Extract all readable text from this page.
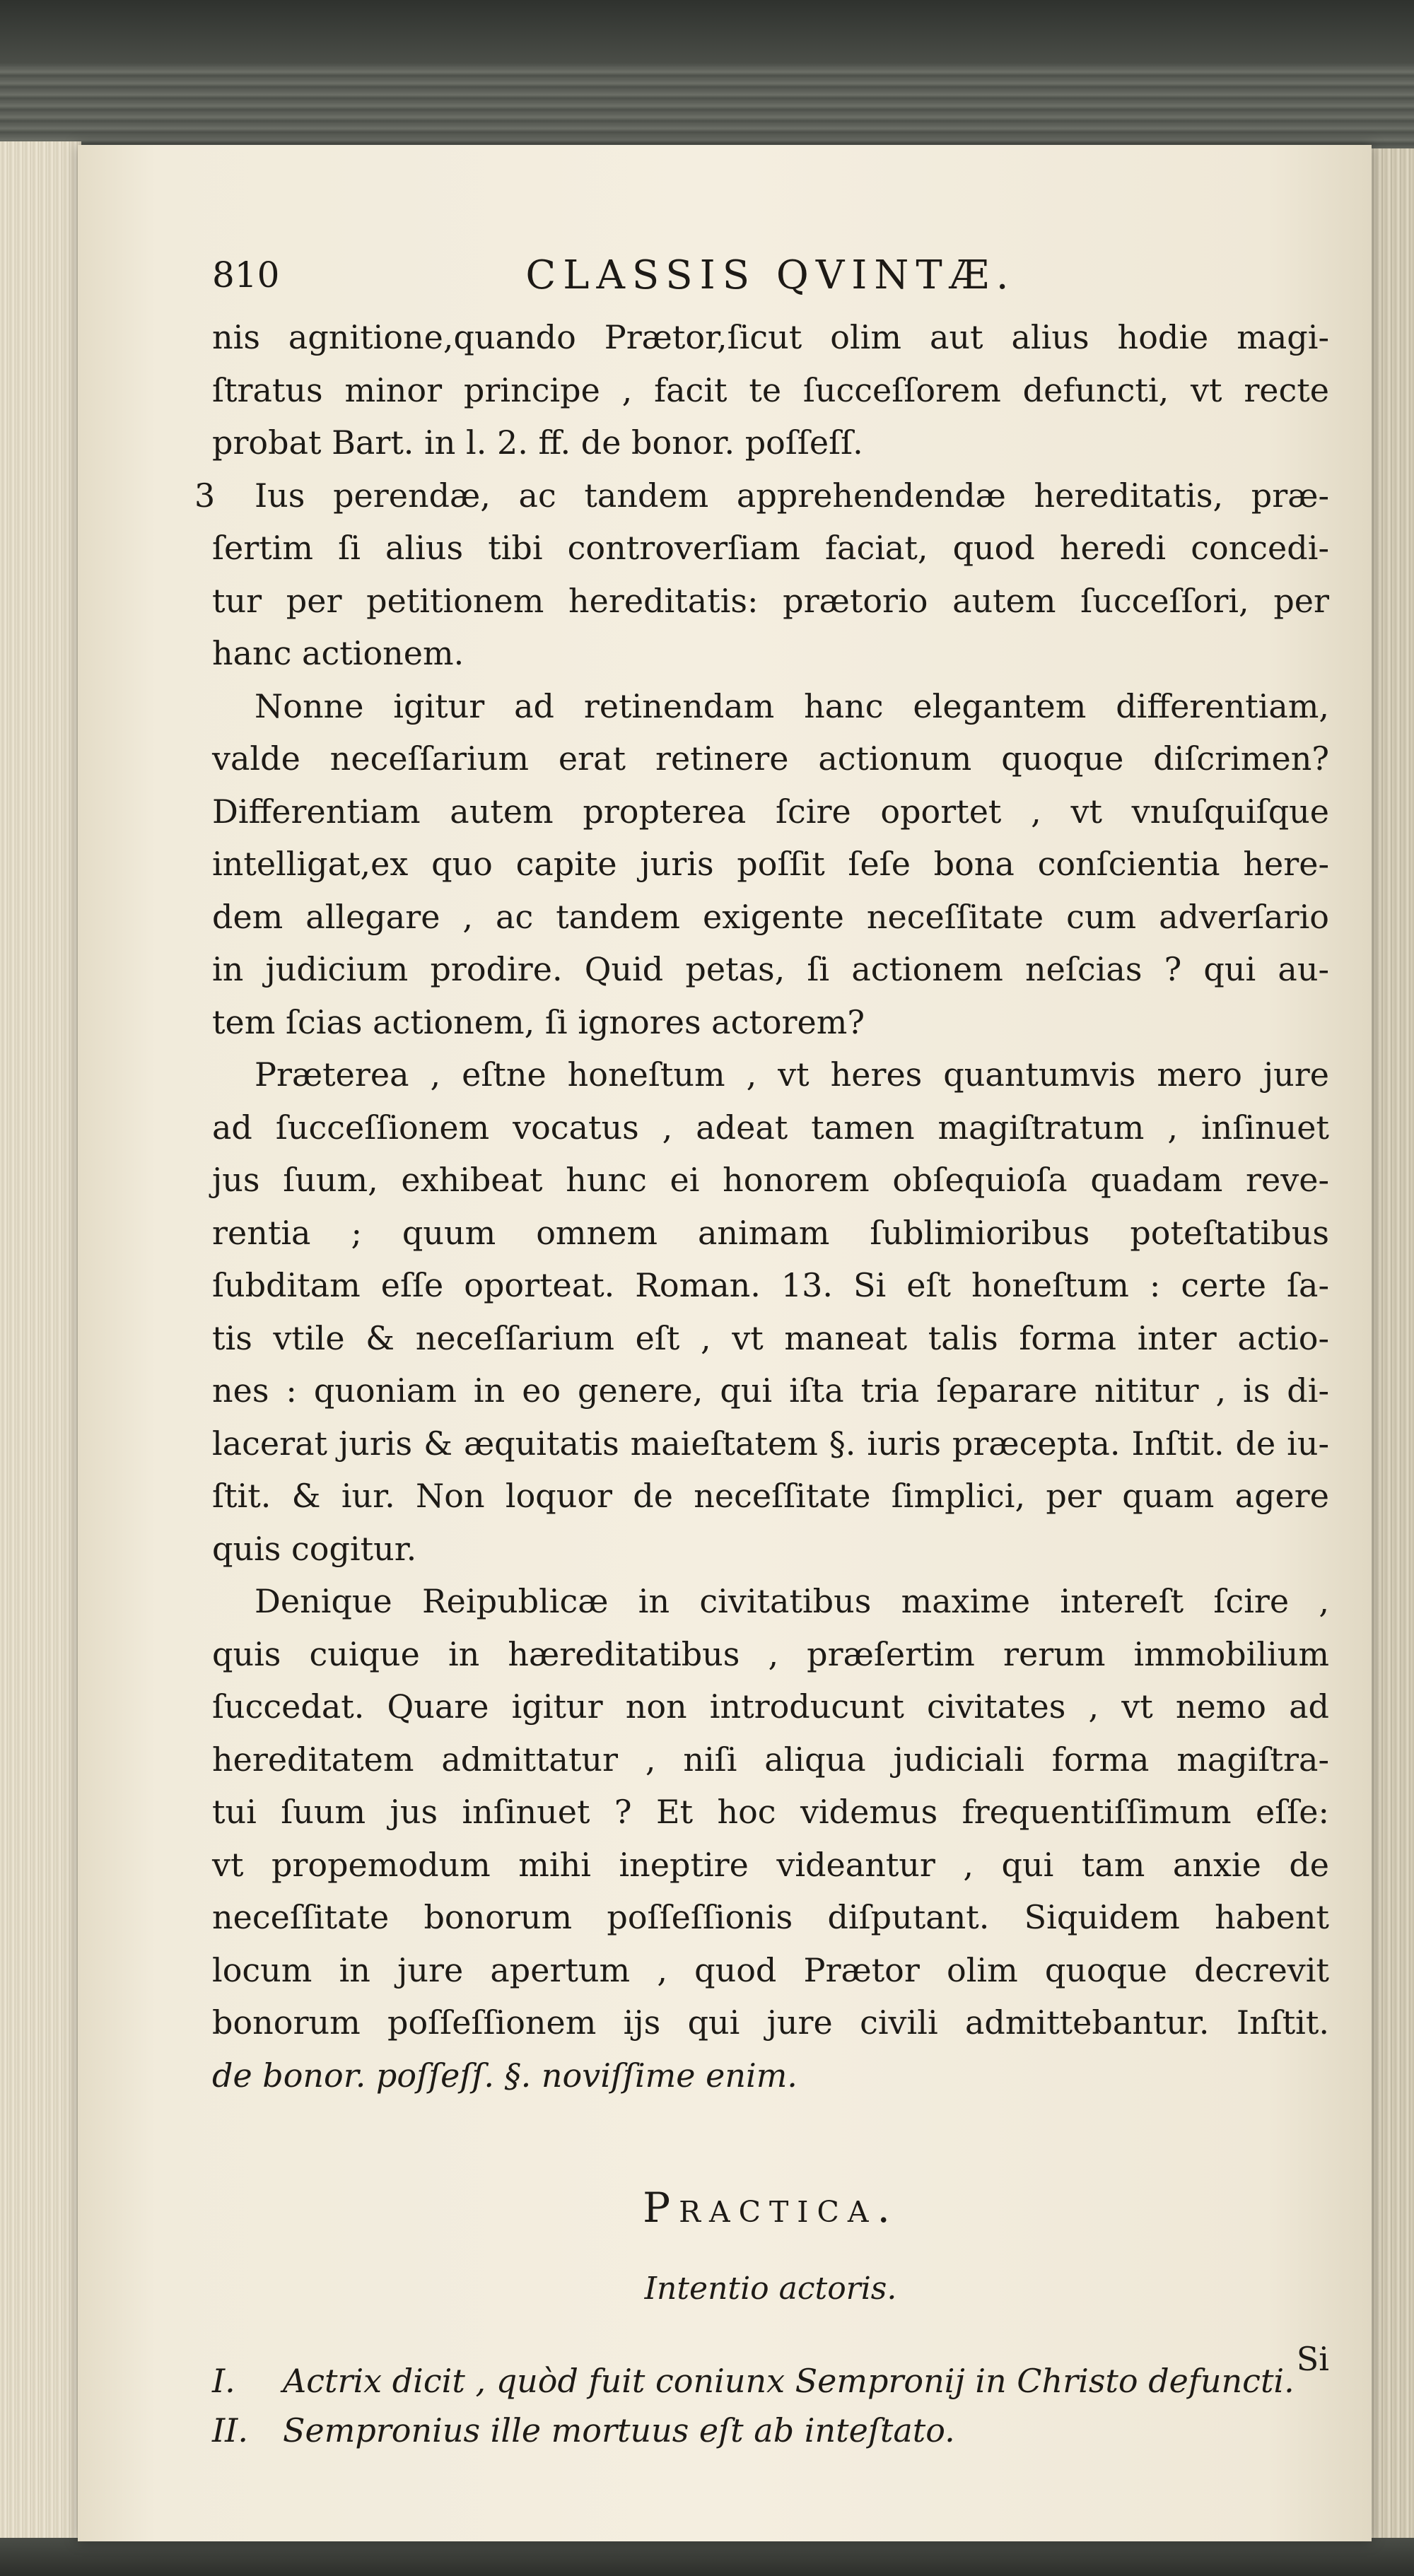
810	CLASSIS QVINTÆ.

nis agnitione,quando Prætor,ſicut olim aut alius hodie magi-

ſtratus minor principe , facit te ſucceſſorem defuncti, vt recte

probat Bart. in l. 2. ff. de bonor. poſſeſſ.

3 Ius perendæ, ac tandem apprehendendæ hereditatis, præ-

ſertim ſi alius tibi controverſiam faciat, quod heredi concedi-

tur per petitionem hereditatis: prætorio autem ſucceſſori, per

hanc actionem.

Nonne igitur ad retinendam hanc elegantem differentiam,

valde neceſſarium erat retinere actionum quoque diſcrimen?

Differentiam autem propterea ſcire oportet , vt vnuſquiſque

intelligat,ex quo capite juris poſſit ſeſe bona conſcientia here-

dem allegare , ac tandem exigente neceſſitate cum adverſario

in judicium prodire. Quid petas, ſi actionem neſcias ? qui au-

tem ſcias actionem, ſi ignores actorem?

Præterea , eſtne honeſtum , vt heres quantumvis mero jure

ad ſucceſſionem vocatus , adeat tamen magiſtratum , inſinuet

jus ſuum, exhibeat hunc ei honorem obſequioſa quadam reve-

rentia ; quum omnem animam ſublimioribus poteſtatibus

ſubditam eſſe oporteat. Roman. 13. Si eſt honeſtum : certe ſa-

tis vtile & neceſſarium eſt , vt maneat talis forma inter actio-

nes : quoniam in eo genere, qui iſta tria ſeparare nititur , is di-

lacerat juris & æquitatis maieſtatem §. iuris præcepta. Inſtit. de iu-

ſtit. & iur. Non loquor de neceſſitate ſimplici, per quam agere

quis cogitur.

Denique Reipublicæ in civitatibus maxime intereſt ſcire ,

quis cuique in hæreditatibus , præſertim rerum immobilium

ſuccedat. Quare igitur non introducunt civitates , vt nemo ad

hereditatem admittatur , niſi aliqua judiciali forma magiſtra-

tui ſuum jus inſinuet ? Et hoc videmus frequentiſſimum eſſe:

vt propemodum mihi ineptire videantur , qui tam anxie de

neceſſitate bonorum poſſeſſionis diſputant. Siquidem habent

locum in jure apertum , quod Prætor olim quoque decrevit

bonorum poſſeſſionem ijs qui jure civili admittebantur. Inſtit.

de bonor. poſſeſſ. §. noviſſime enim.

Practica.
Intentio actoris.
I. Actrix dicit , quòd fuit coniunx Sempronij in Christo defuncti.
II. Sempronius ille mortuus eſt ab inteſtato.
Si
